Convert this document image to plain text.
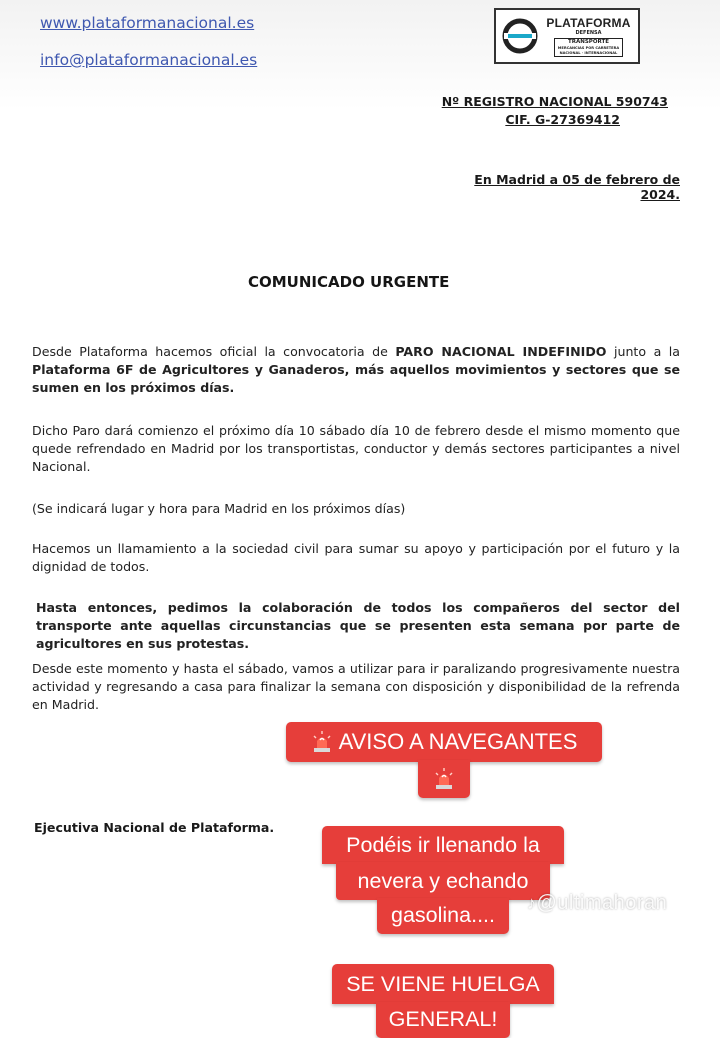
www.plataformanacional.es
info@plataformanacional.es
PLATAFORMA
DEFENSA
TRANSPORTE
MERCANCIAS POR CARRETERA
NACIONAL · INTERNACIONAL
Nº REGISTRO NACIONAL 590743
CIF. G-27369412
En Madrid a 05 de febrero de 2024.
COMUNICADO URGENTE

Desde Plataforma hacemos oficial la convocatoria de PARO NACIONAL INDEFINIDO junto a la Plataforma 6F de Agricultores y Ganaderos, más aquellos movimientos y sectores que se sumen en los próximos días.

Dicho Paro dará comienzo el próximo día 10 sábado día 10 de febrero desde el mismo momento que quede refrendado en Madrid por los transportistas, conductor y demás sectores participantes a nivel Nacional.

(Se indicará lugar y hora para Madrid en los próximos días)

Hacemos un llamamiento a la sociedad civil para sumar su apoyo y participación por el futuro y la dignidad de todos.

Hasta entonces, pedimos la colaboración de todos los compañeros del sector del transporte ante aquellas circunstancias que se presenten esta semana por parte de agricultores en sus protestas.

Desde este momento y hasta el sábado, vamos a utilizar para ir paralizando progresivamente nuestra actividad y regresando a casa para finalizar la semana con disposición y disponibilidad de la refrenda en Madrid.

Ejecutiva Nacional de Plataforma.
AVISO A NAVEGANTES
Podéis ir llenando la
nevera y echando
gasolina....	♪@ultimahoran
SE VIENE HUELGA
GENERAL!
